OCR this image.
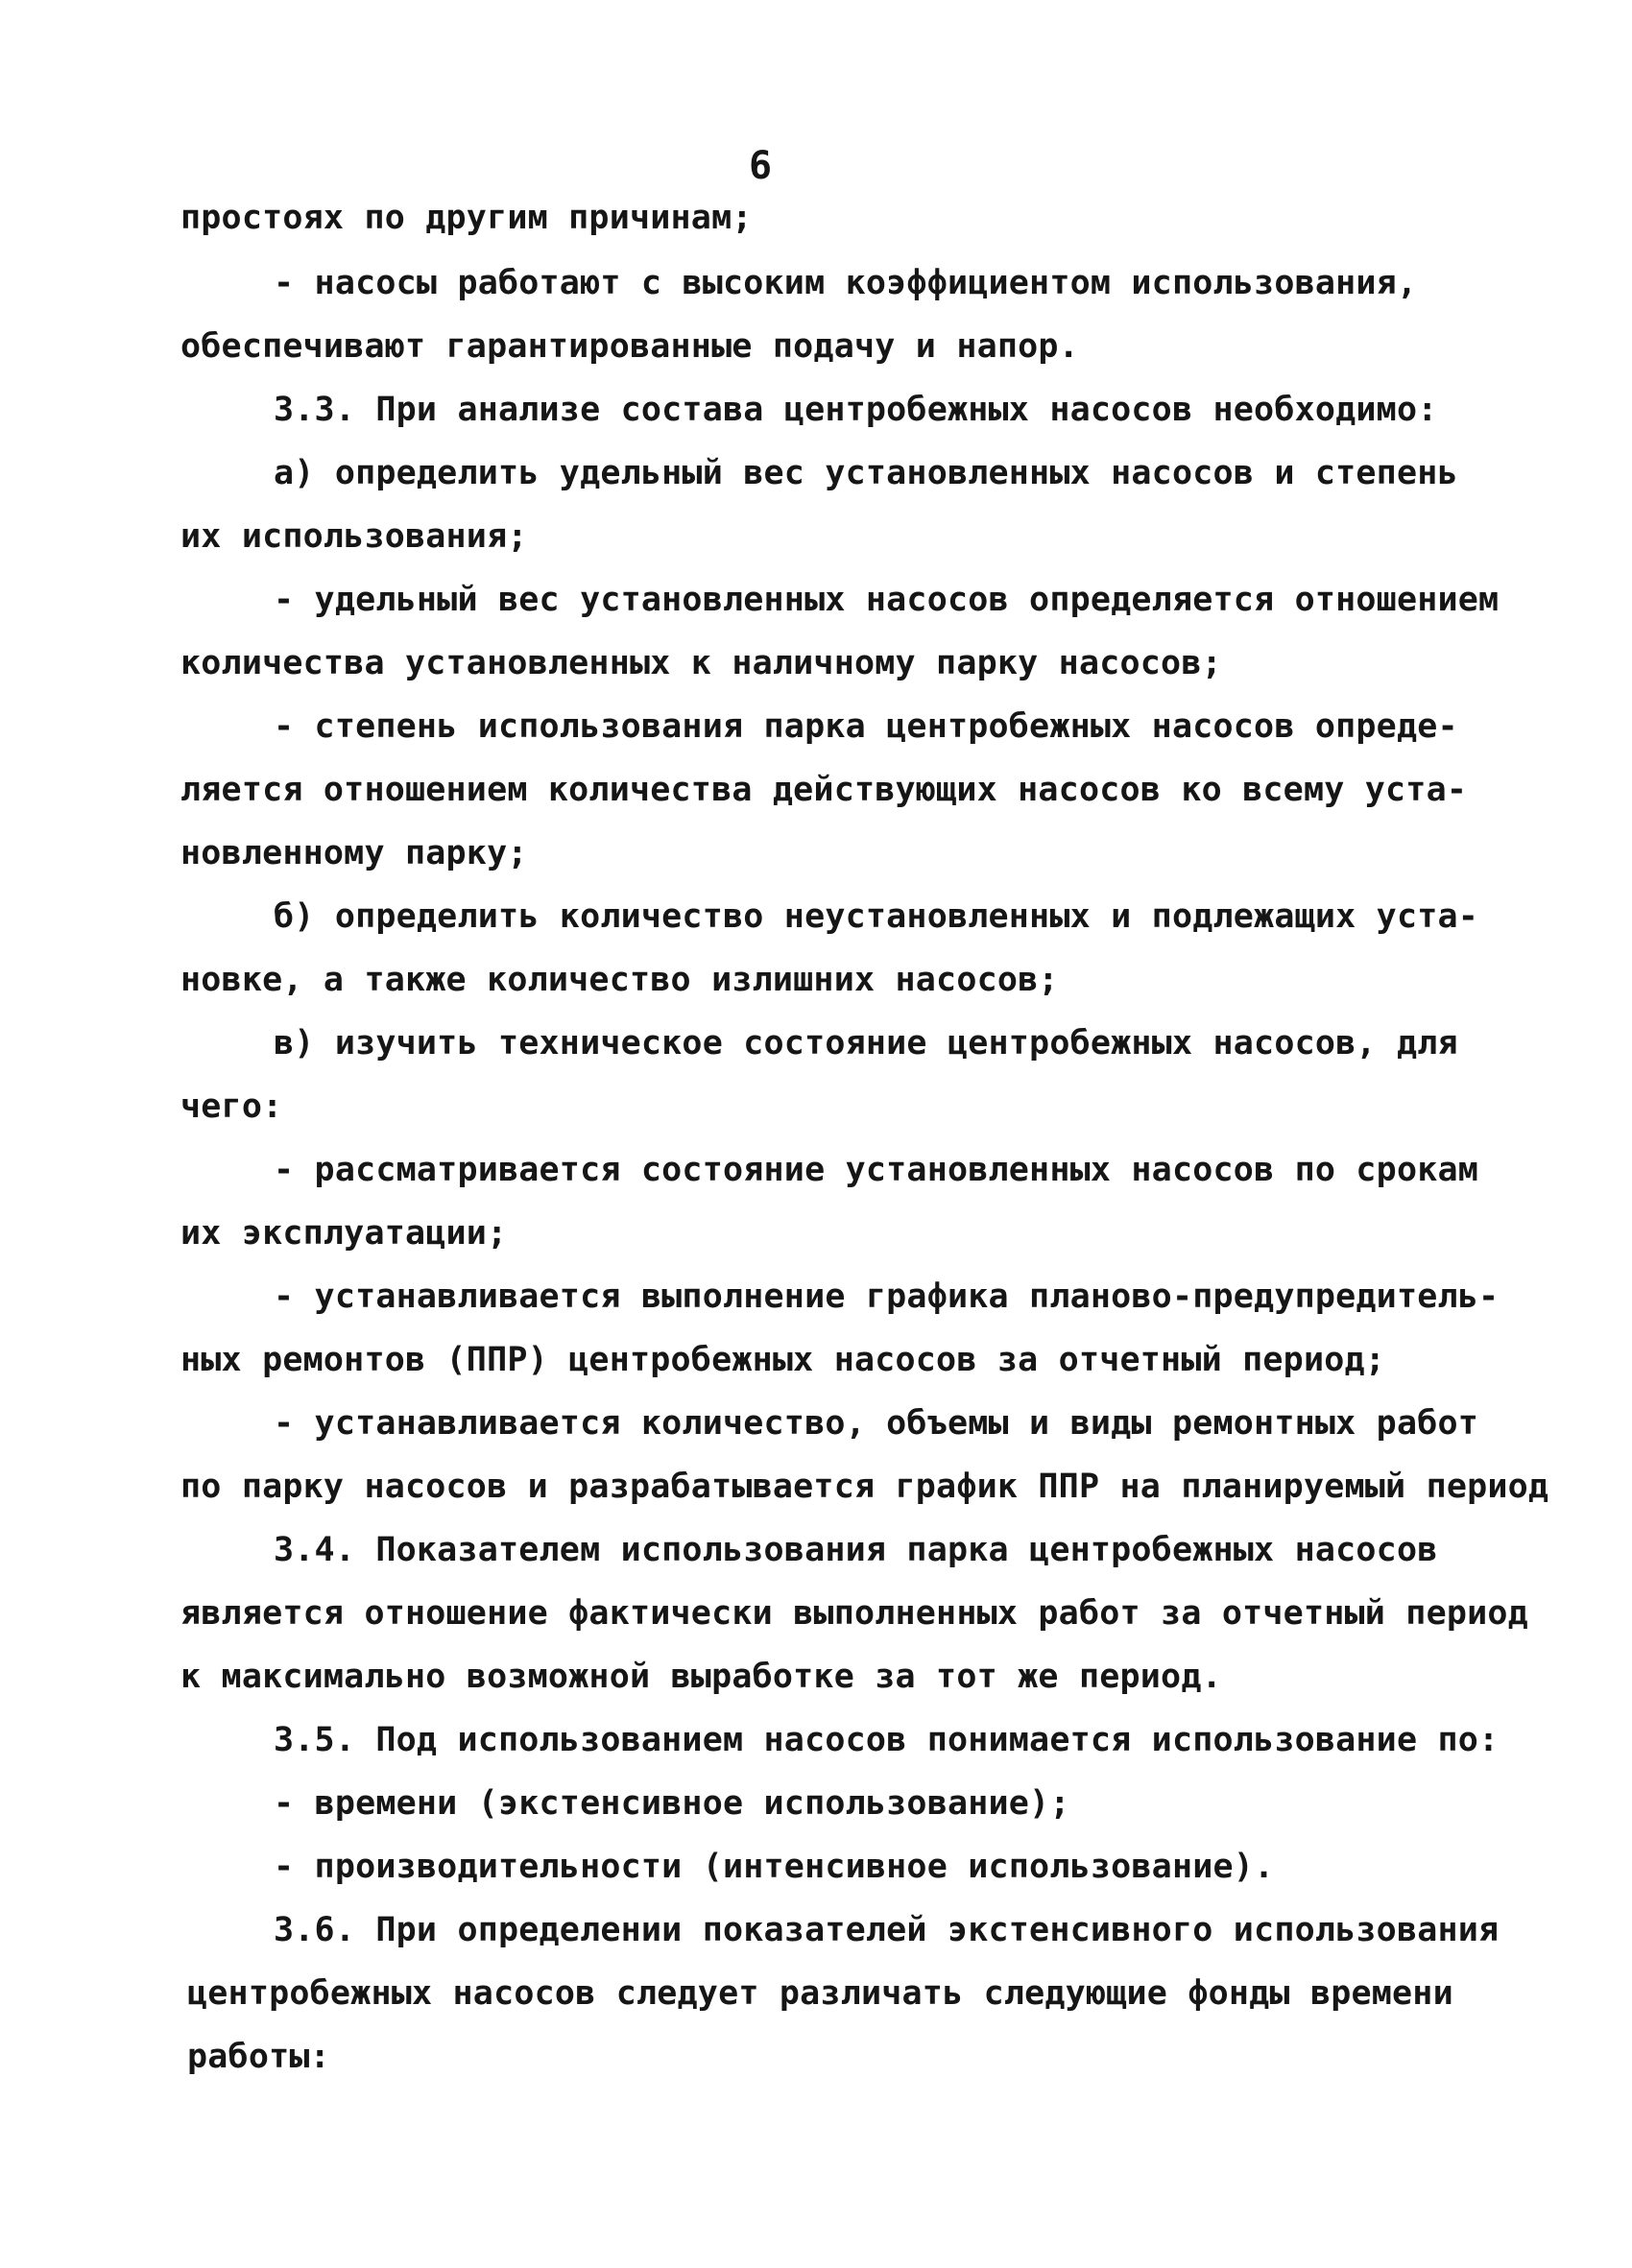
6
простоях по другим причинам;
- насосы работают с высоким коэффициентом использования,
обеспечивают гарантированные подачу и напор.
3.3. При анализе состава центробежных насосов необходимо:
а) определить удельный вес установленных насосов и степень
их использования;
- удельный вес установленных насосов определяется отношением
количества установленных к наличному парку насосов;
- степень использования парка центробежных насосов опреде-
ляется отношением количества действующих насосов ко всему уста-
новленному парку;
б) определить количество неустановленных и подлежащих уста-
новке, а также количество излишних насосов;
в) изучить техническое состояние центробежных насосов, для
чего:
- рассматривается состояние установленных насосов по срокам
их эксплуатации;
- устанавливается выполнение графика планово-предупредитель-
ных ремонтов (ППР) центробежных насосов за отчетный период;
- устанавливается количество, объемы и виды ремонтных работ
по парку насосов и разрабатывается график ППР на планируемый период
3.4. Показателем использования парка центробежных насосов
является отношение фактически выполненных работ за отчетный период
к максимально возможной выработке за тот же период.
3.5. Под использованием насосов понимается использование по:
- времени (экстенсивное использование);
- производительности (интенсивное использование).
3.6. При определении показателей экстенсивного использования
центробежных насосов следует различать следующие фонды времени
работы:
